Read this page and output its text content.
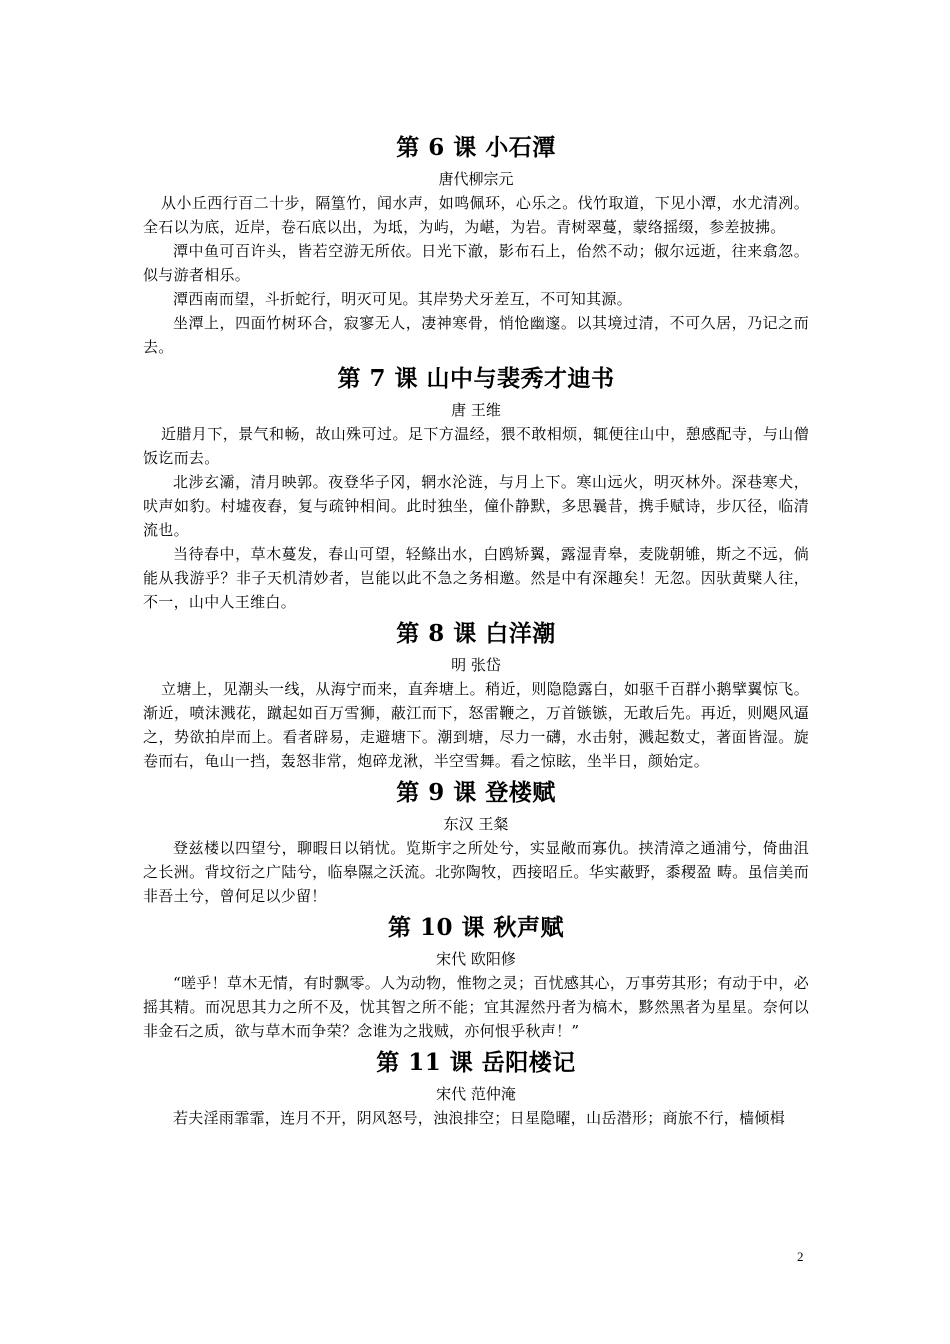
第 6 课 小石潭
唐代柳宗元

从小丘西行百二十步，隔篁竹，闻水声，如鸣佩环，心乐之。伐竹取道，下见小潭，水尤清冽。全石以为底，近岸，卷石底以出，为坻，为屿，为嵁，为岩。青树翠蔓，蒙络摇缀，参差披拂。

潭中鱼可百许头，皆若空游无所依。日光下澈，影布石上，佁然不动；俶尔远逝，往来翕忽。似与游者相乐。

潭西南而望，斗折蛇行，明灭可见。其岸势犬牙差互，不可知其源。

坐潭上，四面竹树环合，寂寥无人，凄神寒骨，悄怆幽邃。以其境过清，不可久居，乃记之而去。

第 7 课 山中与裴秀才迪书
唐 王维

近腊月下，景气和畅，故山殊可过。足下方温经，猥不敢相烦，辄便往山中，憩感配寺，与山僧饭讫而去。

北涉玄灞，清月映郭。夜登华子冈，辋水沦涟，与月上下。寒山远火，明灭林外。深巷寒犬，吠声如豹。村墟夜舂，复与疏钟相间。此时独坐，僮仆静默，多思曩昔，携手赋诗，步仄径，临清流也。

当待春中，草木蔓发，春山可望，轻鲦出水，白鸥矫翼，露湿青皋，麦陇朝雊，斯之不远，倘能从我游乎？非子天机清妙者，岂能以此不急之务相邀。然是中有深趣矣！无忽。因驮黄檗人往，不一，山中人王维白。

第 8 课 白洋潮
明 张岱

立塘上，见潮头一线，从海宁而来，直奔塘上。稍近，则隐隐露白，如驱千百群小鹅擘翼惊飞。渐近，喷沫溅花，蹴起如百万雪狮，蔽江而下，怒雷鞭之，万首镞镞，无敢后先。再近，则飓风逼之，势欲拍岸而上。看者辟易，走避塘下。潮到塘，尽力一礴，水击射，溅起数丈，著面皆湿。旋卷而右，龟山一挡，轰怒非常，炮碎龙湫，半空雪舞。看之惊眩，坐半日，颜始定。

第 9 课 登楼赋
东汉 王粲

登兹楼以四望兮，聊暇日以销忧。览斯宇之所处兮，实显敞而寡仇。挟清漳之通浦兮，倚曲沮之长洲。背坟衍之广陆兮，临皋隰之沃流。北弥陶牧，西接昭丘。华实蔽野，黍稷盈 畴。虽信美而非吾土兮，曾何足以少留！

第 10 课 秋声赋
宋代 欧阳修

“嗟乎！草木无情，有时飘零。人为动物，惟物之灵；百忧感其心，万事劳其形；有动于中，必摇其精。而况思其力之所不及，忧其智之所不能；宜其渥然丹者为槁木，黟然黑者为星星。奈何以非金石之质，欲与草木而争荣？念谁为之戕贼，亦何恨乎秋声！”

第 11 课 岳阳楼记
宋代 范仲淹

若夫淫雨霏霏，连月不开，阴风怒号，浊浪排空；日星隐曜，山岳潜形；商旅不行，樯倾楫

2
